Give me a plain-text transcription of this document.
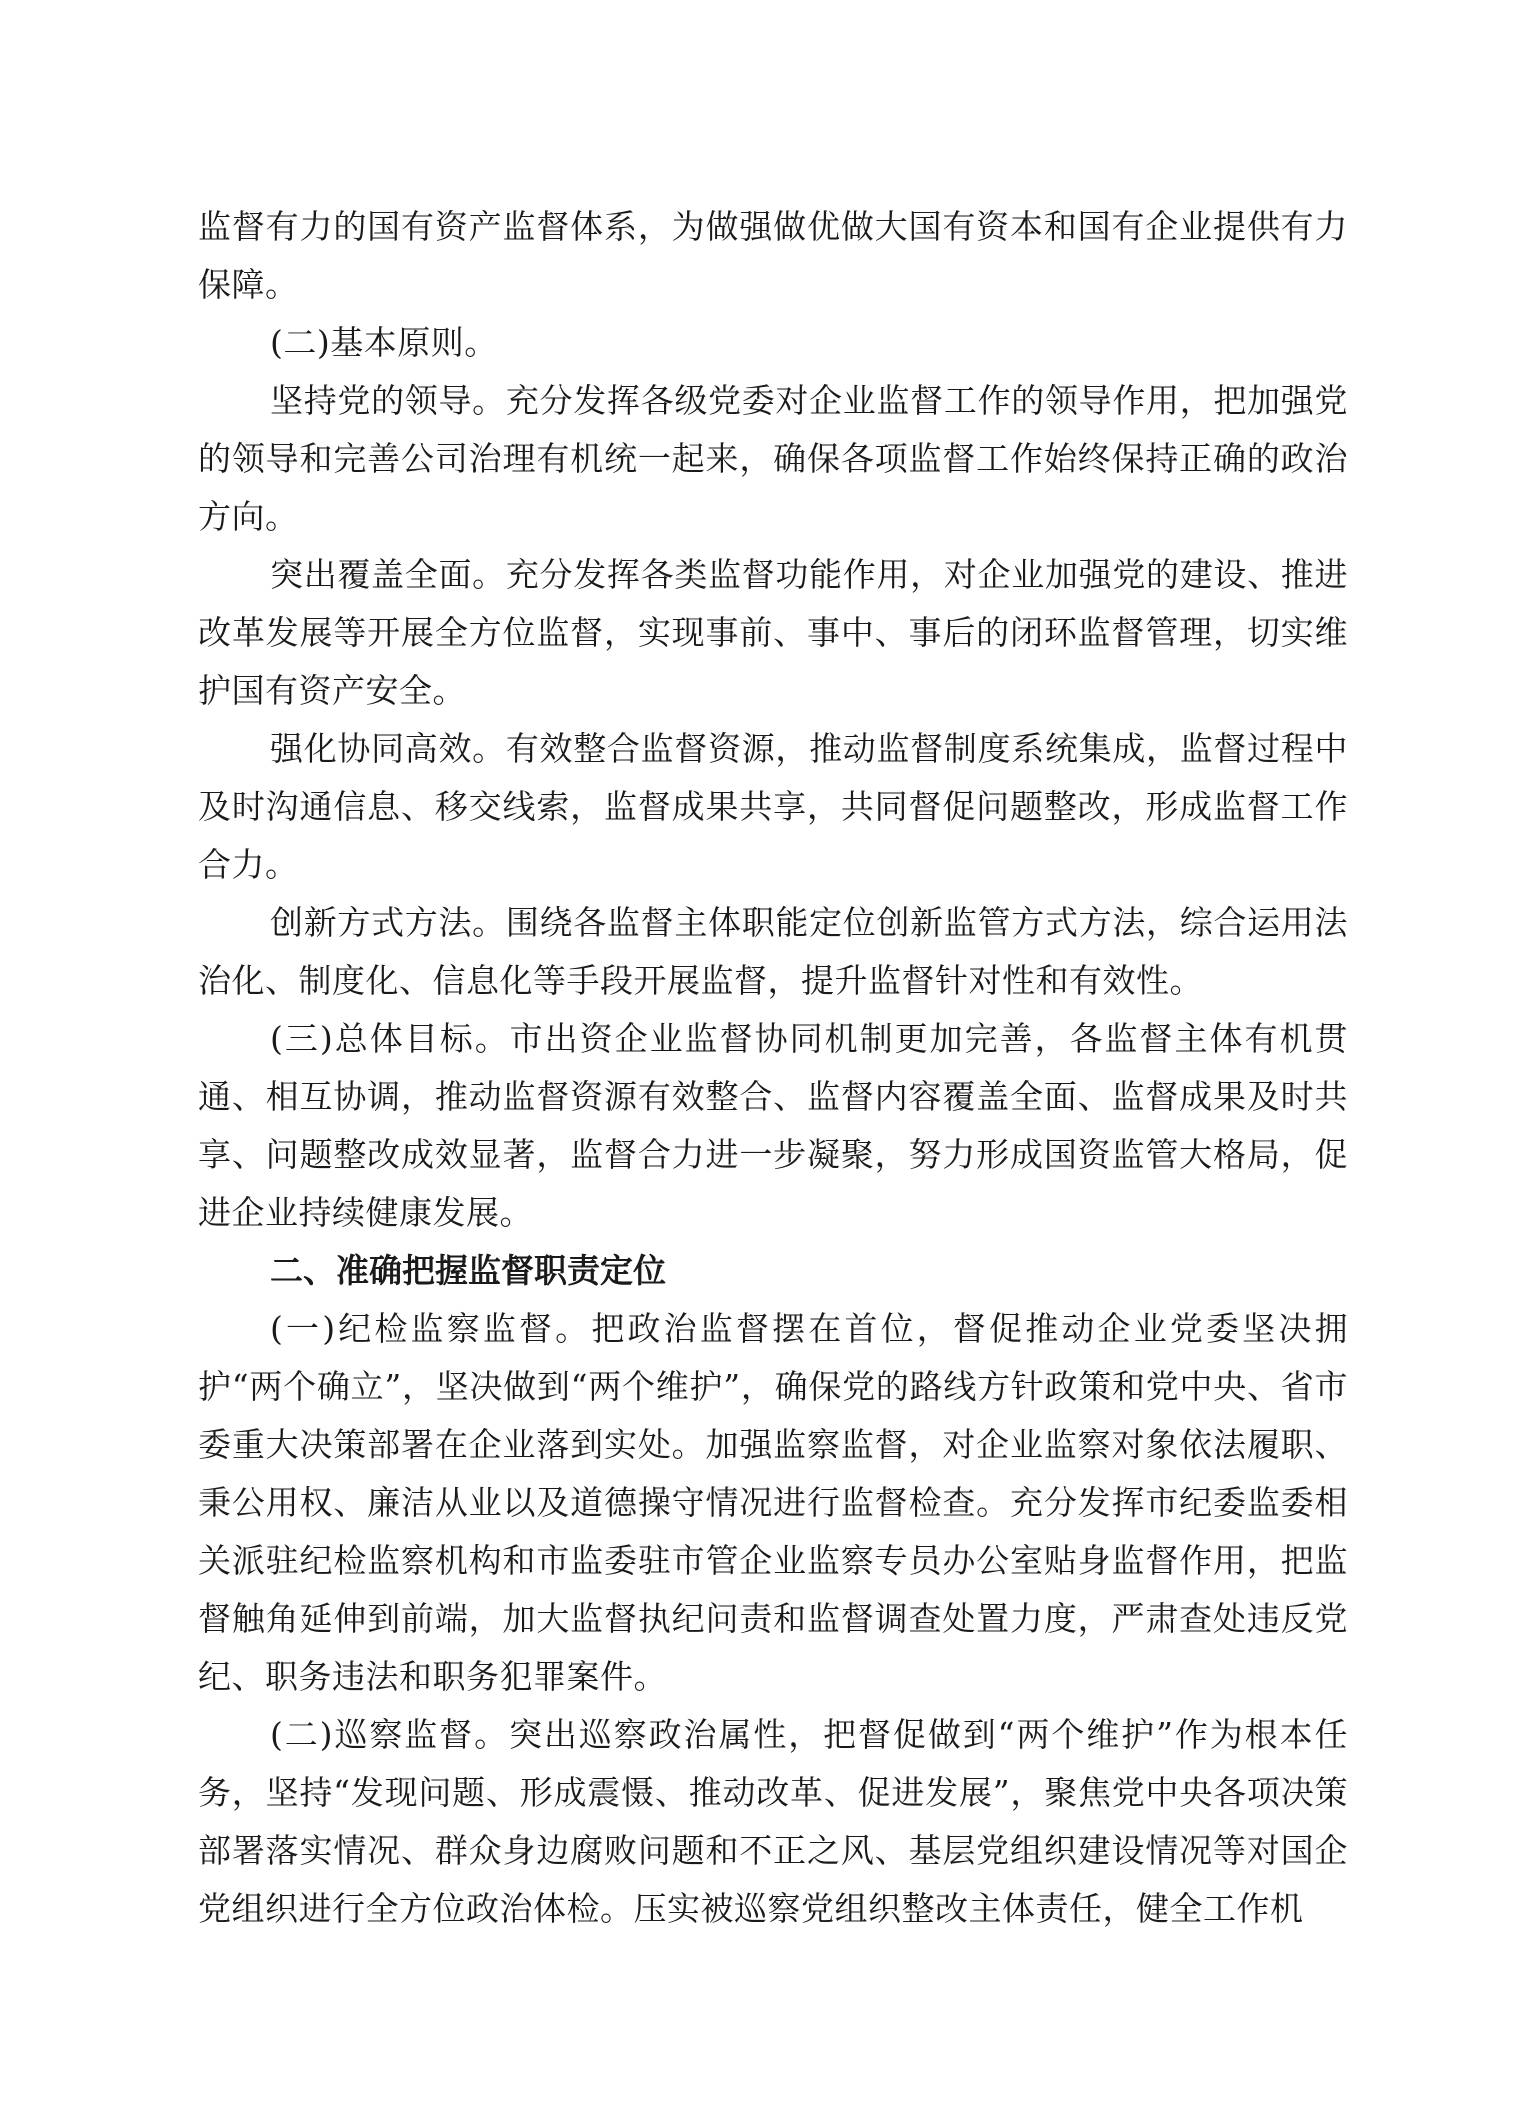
监督有力的国有资产监督体系，为做强做优做大国有资本和国有企业提供有力保障。

(二)基本原则。

坚持党的领导。充分发挥各级党委对企业监督工作的领导作用，把加强党的领导和完善公司治理有机统一起来，确保各项监督工作始终保持正确的政治方向。

突出覆盖全面。充分发挥各类监督功能作用，对企业加强党的建设、推进改革发展等开展全方位监督，实现事前、事中、事后的闭环监督管理，切实维护国有资产安全。

强化协同高效。有效整合监督资源，推动监督制度系统集成，监督过程中及时沟通信息、移交线索，监督成果共享，共同督促问题整改，形成监督工作合力。

创新方式方法。围绕各监督主体职能定位创新监管方式方法，综合运用法治化、制度化、信息化等手段开展监督，提升监督针对性和有效性。

(三)总体目标。市出资企业监督协同机制更加完善，各监督主体有机贯通、相互协调，推动监督资源有效整合、监督内容覆盖全面、监督成果及时共享、问题整改成效显著，监督合力进一步凝聚，努力形成国资监管大格局，促进企业持续健康发展。

二、准确把握监督职责定位

(一)纪检监察监督。把政治监督摆在首位，督促推动企业党委坚决拥护“两个确立”，坚决做到“两个维护”，确保党的路线方针政策和党中央、省市委重大决策部署在企业落到实处。加强监察监督，对企业监察对象依法履职、秉公用权、廉洁从业以及道德操守情况进行监督检查。充分发挥市纪委监委相关派驻纪检监察机构和市监委驻市管企业监察专员办公室贴身监督作用，把监督触角延伸到前端，加大监督执纪问责和监督调查处置力度，严肃查处违反党纪、职务违法和职务犯罪案件。

(二)巡察监督。突出巡察政治属性，把督促做到“两个维护”作为根本任务，坚持“发现问题、形成震慑、推动改革、促进发展”，聚焦党中央各项决策部署落实情况、群众身边腐败问题和不正之风、基层党组织建设情况等对国企党组织进行全方位政治体检。压实被巡察党组织整改主体责任，健全工作机
